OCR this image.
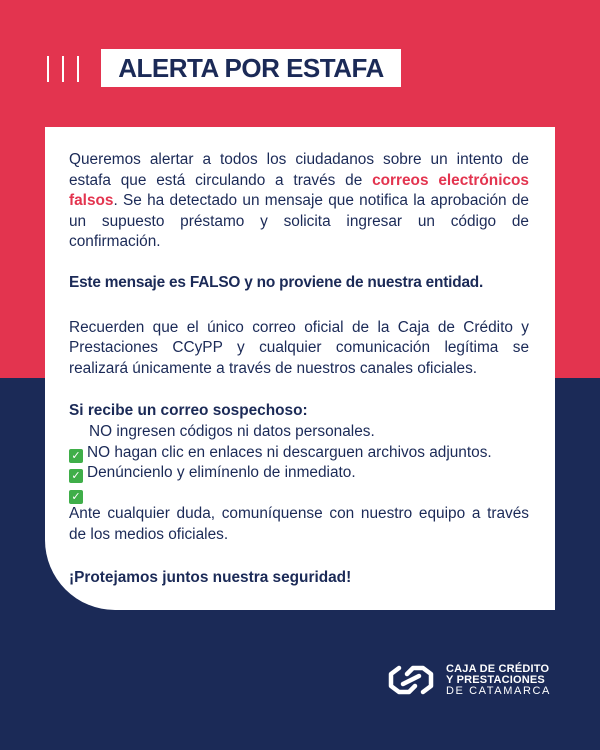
ALERTA POR ESTAFA

Queremos alertar a todos los ciudadanos sobre un intento de estafa que está circulando a través de correos electrónicos falsos. Se ha detectado un mensaje que notifica la aprobación de un supuesto préstamo y solicita ingresar un código de confirmación.

Este mensaje es FALSO y no proviene de nuestra entidad.

Recuerden que el único correo oficial de la Caja de Crédito y Prestaciones CCyPP y cualquier comunicación legítima se realizará únicamente a través de nuestros canales oficiales.

Si recibe un correo sospechoso:

NO ingresen códigos ni datos personales.

✓ NO hagan clic en enlaces ni descarguen archivos adjuntos.

✓ Denúncienlo y elimínenlo de inmediato.

✓

Ante cualquier duda, comuníquense con nuestro equipo a través de los medios oficiales.

¡Protejamos juntos nuestra seguridad!

CAJA DE CRÉDITO
Y PRESTACIONES
DE CATAMARCA
